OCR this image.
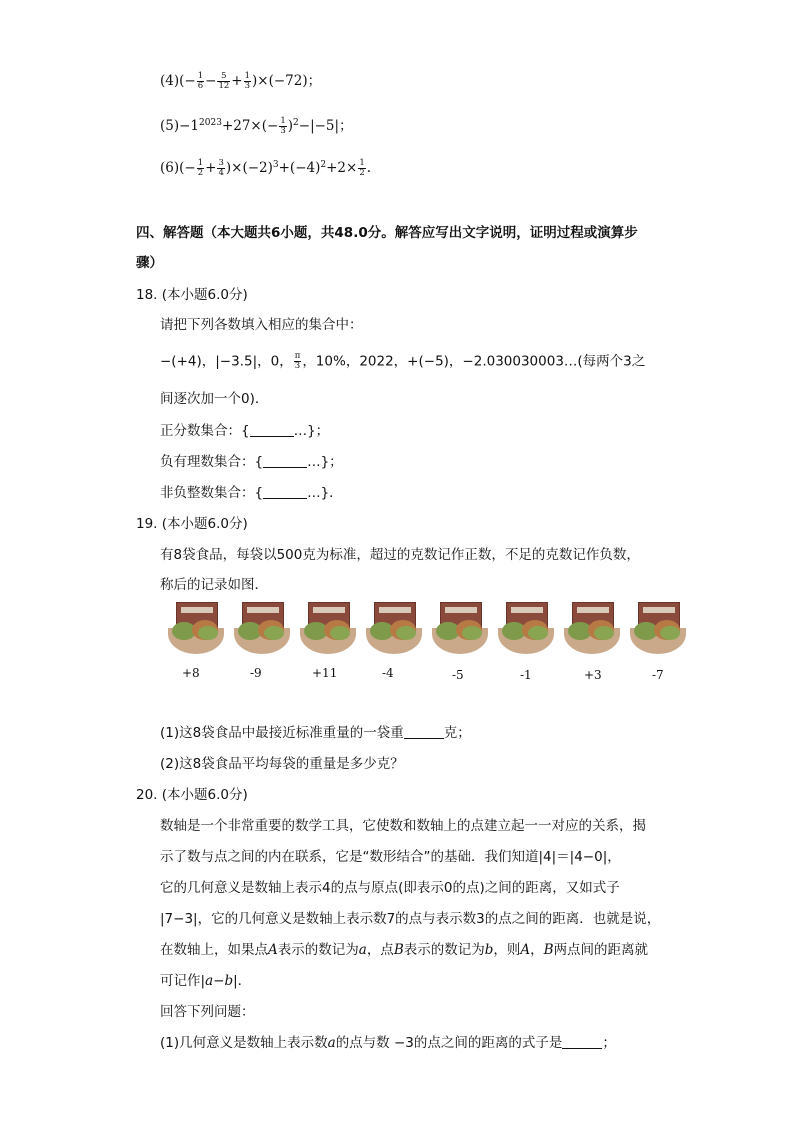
$(4)(- \frac{1}{6} - \frac{5}{12} + \frac{1}{3} )\times(-72)$；
$(5)-1^{2023}+27\times(- \frac{1}{3} )^2-|-5|$；
$(6)(- \frac{1}{2} + \frac{3}{4} )\times(-2)^3+(-4)^2+2\times \frac{1}{2}$ .
四、解答题（本大题共6小题，共48.0分。解答应写出文字说明，证明过程或演算步
骤）
18. (本小题6.0分)
请把下列各数填入相应的集合中：
−(+4)，|−3.5|，0， $\frac{\pi}{3}$ ，10%，2022，+(−5)，−2.030030003…(每两个3之
间逐次加一个0)．
正分数集合：{	…}；
负有理数集合：{	…}；
非负整数集合：{	…}．
19. (本小题6.0分)
有8袋食品，每袋以500克为标准，超过的克数记作正数，不足的克数记作负数，
称后的记录如图．
+8	-9	+11	-4	-5	-1	+3	-7
(1)这8袋食品中最接近标准重量的一袋重	克；
(2)这8袋食品平均每袋的重量是多少克？
20. (本小题6.0分)
数轴是一个非常重要的数学工具，它使数和数轴上的点建立起一一对应的关系，揭
示了数与点之间的内在联系，它是“数形结合”的基础．我们知道|4|＝|4−0|，
它的几何意义是数轴上表示4的点与原点(即表示0的点)之间的距离，又如式子
|7−3|，它的几何意义是数轴上表示数7的点与表示数3的点之间的距离．也就是说，
在数轴上，如果点A表示的数记为a，点B表示的数记为b，则A，B两点间的距离就
可记作|a−b|．
回答下列问题：
(1)几何意义是数轴上表示数a的点与数 −3的点之间的距离的式子是	；
